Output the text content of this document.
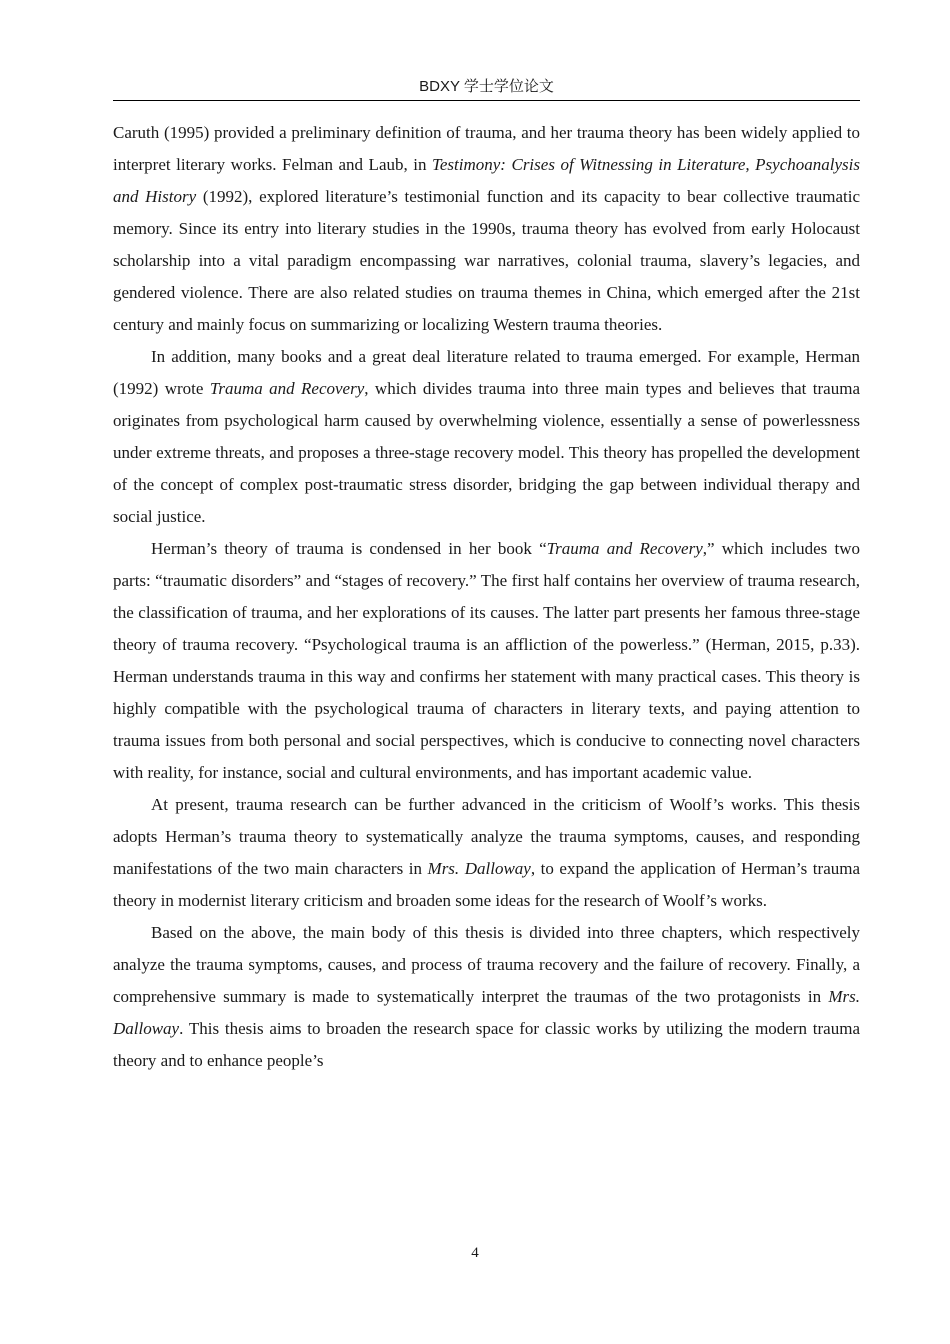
BDXY 学士学位论文

Caruth (1995) provided a preliminary definition of trauma, and her trauma theory has been widely applied to interpret literary works. Felman and Laub, in Testimony: Crises of Witnessing in Literature, Psychoanalysis and History (1992), explored literature’s testimonial function and its capacity to bear collective traumatic memory. Since its entry into literary studies in the 1990s, trauma theory has evolved from early Holocaust scholarship into a vital paradigm encompassing war narratives, colonial trauma, slavery’s legacies, and gendered violence. There are also related studies on trauma themes in China, which emerged after the 21st century and mainly focus on summarizing or localizing Western trauma theories.

In addition, many books and a great deal literature related to trauma emerged. For example, Herman (1992) wrote Trauma and Recovery, which divides trauma into three main types and believes that trauma originates from psychological harm caused by overwhelming violence, essentially a sense of powerlessness under extreme threats, and proposes a three-stage recovery model. This theory has propelled the development of the concept of complex post-traumatic stress disorder, bridging the gap between individual therapy and social justice.

Herman’s theory of trauma is condensed in her book “Trauma and Recovery,” which includes two parts: “traumatic disorders” and “stages of recovery.” The first half contains her overview of trauma research, the classification of trauma, and her explorations of its causes. The latter part presents her famous three-stage theory of trauma recovery. “Psychological trauma is an affliction of the powerless.” (Herman, 2015, p.33). Herman understands trauma in this way and confirms her statement with many practical cases. This theory is highly compatible with the psychological trauma of characters in literary texts, and paying attention to trauma issues from both personal and social perspectives, which is conducive to connecting novel characters with reality, for instance, social and cultural environments, and has important academic value.

At present, trauma research can be further advanced in the criticism of Woolf’s works. This thesis adopts Herman’s trauma theory to systematically analyze the trauma symptoms, causes, and responding manifestations of the two main characters in Mrs. Dalloway, to expand the application of Herman’s trauma theory in modernist literary criticism and broaden some ideas for the research of Woolf’s works.

Based on the above, the main body of this thesis is divided into three chapters, which respectively analyze the trauma symptoms, causes, and process of trauma recovery and the failure of recovery. Finally, a comprehensive summary is made to systematically interpret the traumas of the two protagonists in Mrs. Dalloway. This thesis aims to broaden the research space for classic works by utilizing the modern trauma theory and to enhance people’s

4
